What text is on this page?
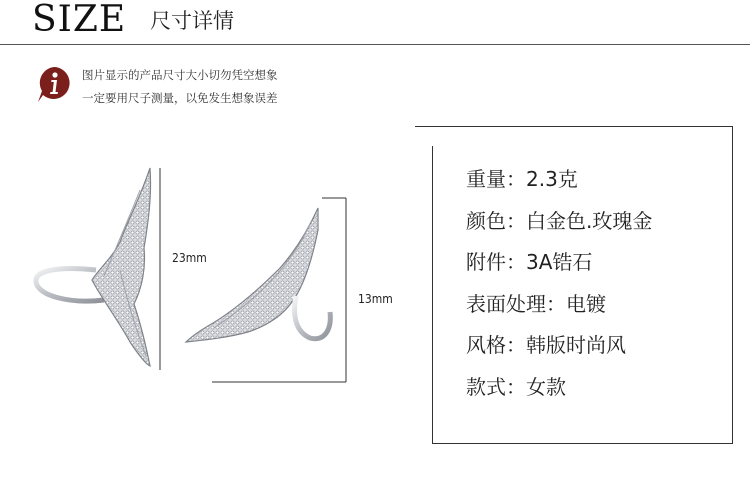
SIZE 尺寸详情
图片显示的产品尺寸大小切勿凭空想象
一定要用尺子测量，以免发生想象误差
23mm
13mm
重量：2.3克
颜色：白金色.玫瑰金
附件：3A锆石
表面处理：电镀
风格：韩版时尚风
款式：女款
